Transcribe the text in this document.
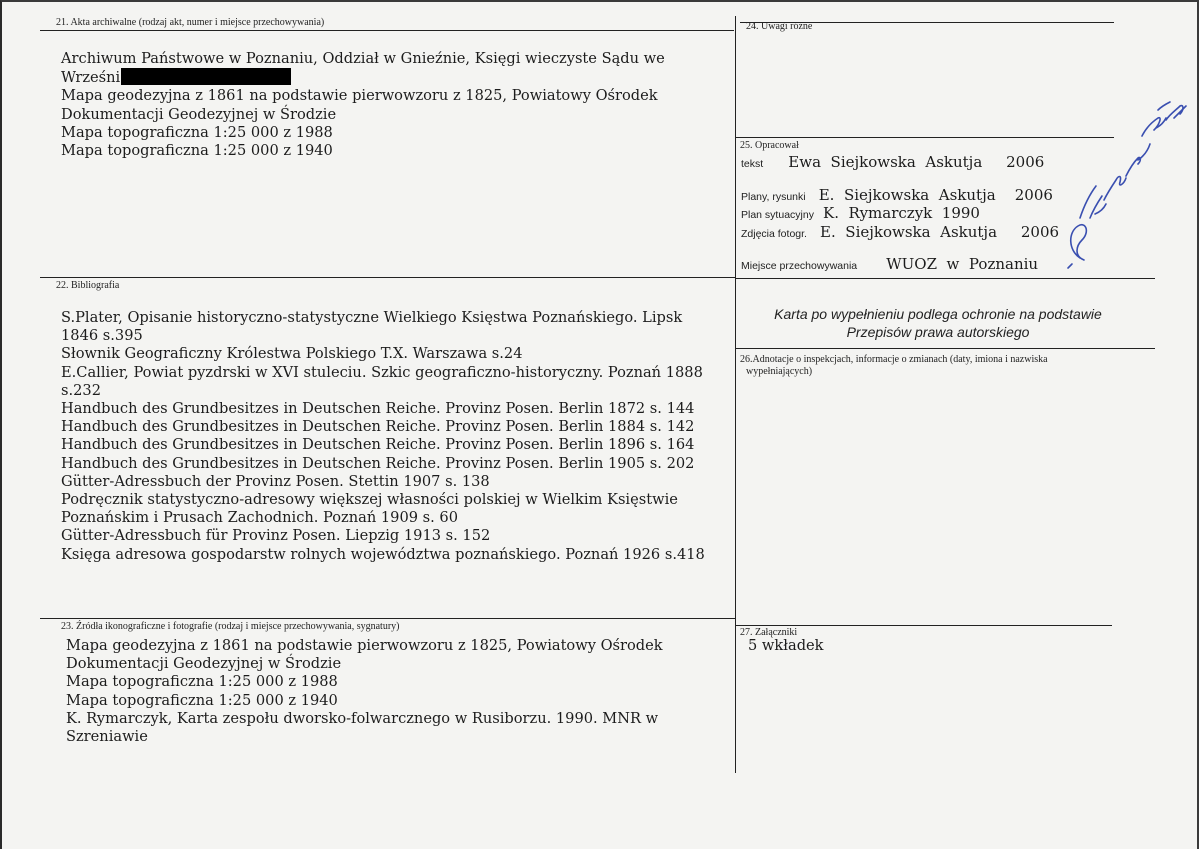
21. Akta archiwalne (rodzaj akt, numer i miejsce przechowywania)
Archiwum Państwowe w Poznaniu, Oddział w Gnieźnie, Księgi wieczyste Sądu we
Wrześni
Mapa geodezyjna z 1861 na podstawie pierwowzoru z 1825, Powiatowy Ośrodek
Dokumentacji Geodezyjnej w Środzie
Mapa topograficzna 1:25 000 z 1988
Mapa topograficzna 1:25 000 z 1940
22. Bibliografia
S.Plater, Opisanie historyczno-statystyczne Wielkiego Księstwa Poznańskiego. Lipsk
1846 s.395
Słownik Geograficzny Królestwa Polskiego T.X. Warszawa s.24
E.Callier, Powiat pyzdrski w XVI stuleciu. Szkic geograficzno-historyczny. Poznań 1888
s.232
Handbuch des Grundbesitzes in Deutschen Reiche. Provinz Posen. Berlin 1872 s. 144
Handbuch des Grundbesitzes in Deutschen Reiche. Provinz Posen. Berlin 1884 s. 142
Handbuch des Grundbesitzes in Deutschen Reiche. Provinz Posen. Berlin 1896 s. 164
Handbuch des Grundbesitzes in Deutschen Reiche. Provinz Posen. Berlin 1905 s. 202
Gütter-Adressbuch der Provinz Posen. Stettin 1907 s. 138
Podręcznik statystyczno-adresowy większej własności polskiej w Wielkim Księstwie
Poznańskim i Prusach Zachodnich. Poznań 1909 s. 60
Gütter-Adressbuch für Provinz Posen. Liepzig 1913 s. 152
Księga adresowa gospodarstw rolnych województwa poznańskiego. Poznań 1926 s.418
23. Źródła ikonograficzne i fotografie (rodzaj i miejsce przechowywania, sygnatury)
Mapa geodezyjna z 1861 na podstawie pierwowzoru z 1825, Powiatowy Ośrodek
Dokumentacji Geodezyjnej w Środzie
Mapa topograficzna 1:25 000 z 1988
Mapa topograficzna 1:25 000 z 1940
K. Rymarczyk, Karta zespołu dworsko-folwarcznego w Rusiborzu. 1990. MNR w
Szreniawie
24. Uwagi różne
25. Opracował
tekst Ewa  Siejkowska  Askutja     2006
Plany, rysunki E.  Siejkowska  Askutja    2006
Plan sytuacyjny K.  Rymarczyk  1990
Zdjęcia fotogr. E.  Siejkowska  Askutja     2006
Miejsce przechowywania WUOZ  w  Poznaniu
Karta po wypełnieniu podlega ochronie na podstawie
Przepisów prawa autorskiego
26.Adnotacje o inspekcjach, informacje o zmianach (daty, imiona i nazwiska
wypełniających)
27. Załączniki
5 wkładek
